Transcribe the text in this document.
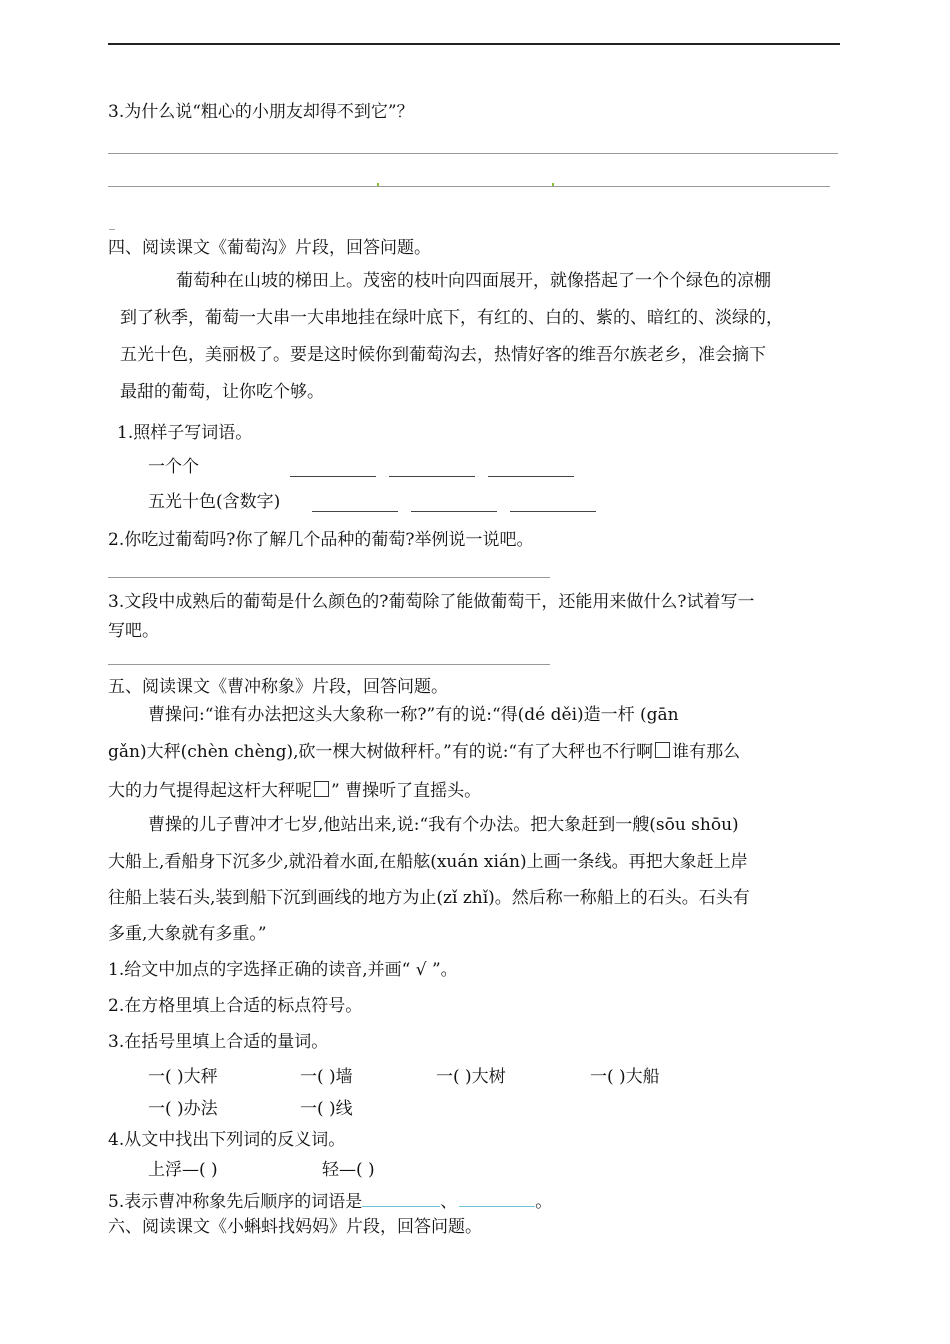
3.为什么说“粗心的小朋友却得不到它”？
_
四、阅读课文《葡萄沟》片段，回答问题。
葡萄种在山坡的梯田上。茂密的枝叶向四面展开，就像搭起了一个个绿色的凉棚
到了秋季，葡萄一大串一大串地挂在绿叶底下，有红的、白的、紫的、暗红的、淡绿的，
五光十色，美丽极了。要是这时候你到葡萄沟去，热情好客的维吾尔族老乡，准会摘下
最甜的葡萄，让你吃个够。
1.照样子写词语。
一个个

五光十色(含数字)

2.你吃过葡萄吗?你了解几个品种的葡萄?举例说一说吧。
3.文段中成熟后的葡萄是什么颜色的?葡萄除了能做葡萄干，还能用来做什么?试着写一
写吧。
五、阅读课文《曹冲称象》片段，回答问题。
曹操问:“谁有办法把这头大象称一称?”有的说:“得(dé děi)造一杆 (gān
gǎn)大秤(chèn chèng),砍一棵大树做秤杆。”有的说:“有了大秤也不行啊 谁有那么
大的力气提得起这杆大秤呢 ” 曹操听了直摇头。
曹操的儿子曹冲才七岁,他站出来,说:“我有个办法。把大象赶到一艘(sōu shōu)
大船上,看船身下沉多少,就沿着水面,在船舷(xuán xián)上画一条线。再把大象赶上岸
往船上装石头,装到船下沉到画线的地方为止(zǐ zhǐ)。然后称一称船上的石头。石头有
多重,大象就有多重。”
1.给文中加点的字选择正确的读音,并画“ √ ”。
2.在方格里填上合适的标点符号。
3.在括号里填上合适的量词。
一( )大秤	一( )墙	一( )大树	一( )大船
一( )办法	一( )线
4.从文中找出下列词的反义词。
上浮—( )	轻—( )
5.表示曹冲称象先后顺序的词语是	、	。
六、阅读课文《小蝌蚪找妈妈》片段，回答问题。
